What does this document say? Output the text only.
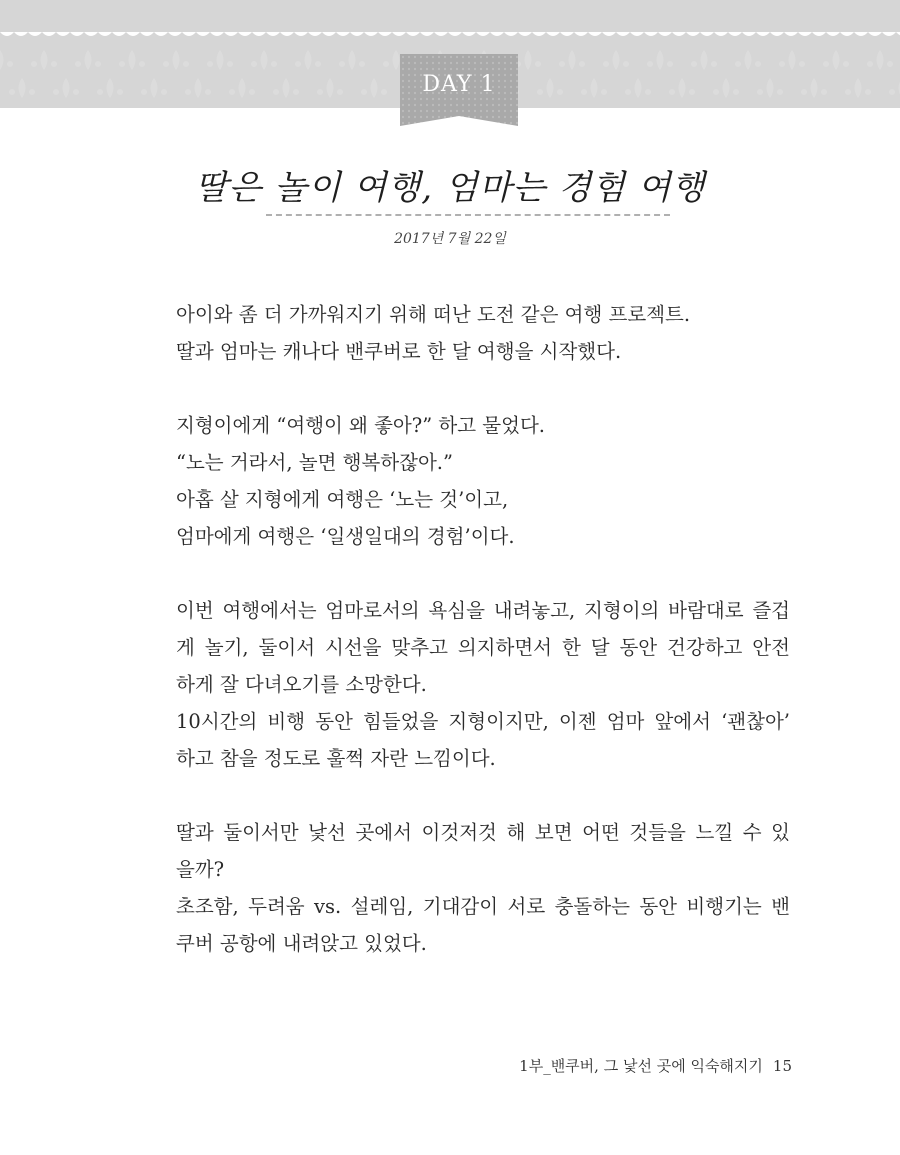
DAY 1
딸은 놀이 여행, 엄마는 경험 여행
2017년 7월 22일
아이와 좀 더 가까워지기 위해 떠난 도전 같은 여행 프로젝트.
딸과 엄마는 캐나다 밴쿠버로 한 달 여행을 시작했다.
지형이에게 “여행이 왜 좋아?” 하고 물었다.
“노는 거라서, 놀면 행복하잖아.”
아홉 살 지형에게 여행은 ‘노는 것’이고,
엄마에게 여행은 ‘일생일대의 경험’이다.
이번 여행에서는 엄마로서의 욕심을 내려놓고, 지형이의 바람대로 즐겁
게 놀기, 둘이서 시선을 맞추고 의지하면서 한 달 동안 건강하고 안전
하게 잘 다녀오기를 소망한다.
10시간의 비행 동안 힘들었을 지형이지만, 이젠 엄마 앞에서 ‘괜찮아’
하고 참을 정도로 훌쩍 자란 느낌이다.
딸과 둘이서만 낯선 곳에서 이것저것 해 보면 어떤 것들을 느낄 수 있
을까?
초조함, 두려움 vs. 설레임, 기대감이 서로 충돌하는 동안 비행기는 밴
쿠버 공항에 내려앉고 있었다.
1부_밴쿠버, 그 낯선 곳에 익숙해지기 15
